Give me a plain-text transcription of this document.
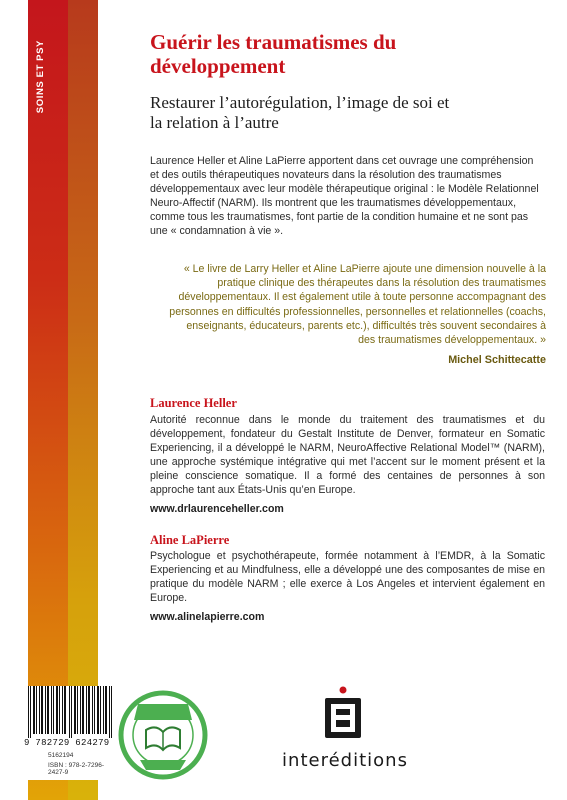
SOINS ET PSY	Guérir les traumatismes du développement
Restaurer l’autorégulation, l’image de soi et la relation à l’autre
Laurence Heller et Aline LaPierre apportent dans cet ouvrage une compréhension et des outils thérapeutiques novateurs dans la résolution des traumatismes développementaux avec leur modèle thérapeutique original : le Modèle Relationnel Neuro-Affectif (NARM). Ils montrent que les traumatismes développementaux, comme tous les traumatismes, font partie de la condition humaine et ne sont pas une « condamnation à vie ».
« Le livre de Larry Heller et Aline LaPierre ajoute une dimension nouvelle à la pratique clinique des thérapeutes dans la résolution des traumatismes développementaux. Il est également utile à toute personne accompagnant des personnes en difficultés professionnelles, personnelles et relationnelles (coachs, enseignants, éducateurs, parents etc.), difficultés très souvent secondaires à des traumatismes développementaux. »
Michel Schittecatte
Laurence Heller
Autorité reconnue dans le monde du traitement des traumatismes et du développement, fondateur du Gestalt Institute de Denver, formateur en Somatic Experiencing, il a développé le NARM, NeuroAffective Relational Model™ (NARM), une approche systémique intégrative qui met l’accent sur le moment présent et la pleine conscience somatique. Il a formé des centaines de personnes à son approche tant aux États-Unis qu’en Europe.
www.drlaurenceheller.com
Aline LaPierre
Psychologue et psychothérapeute, formée notamment à l’EMDR, à la Somatic Experiencing et au Mindfulness, elle a développé une des composantes de mise en pratique du modèle NARM ; elle exerce à Los Angeles et intervient également en Europe.
www.alinelapierre.com
9 782729 624279
5162194
ISBN : 978-2-7296-2427-9
interéditions
